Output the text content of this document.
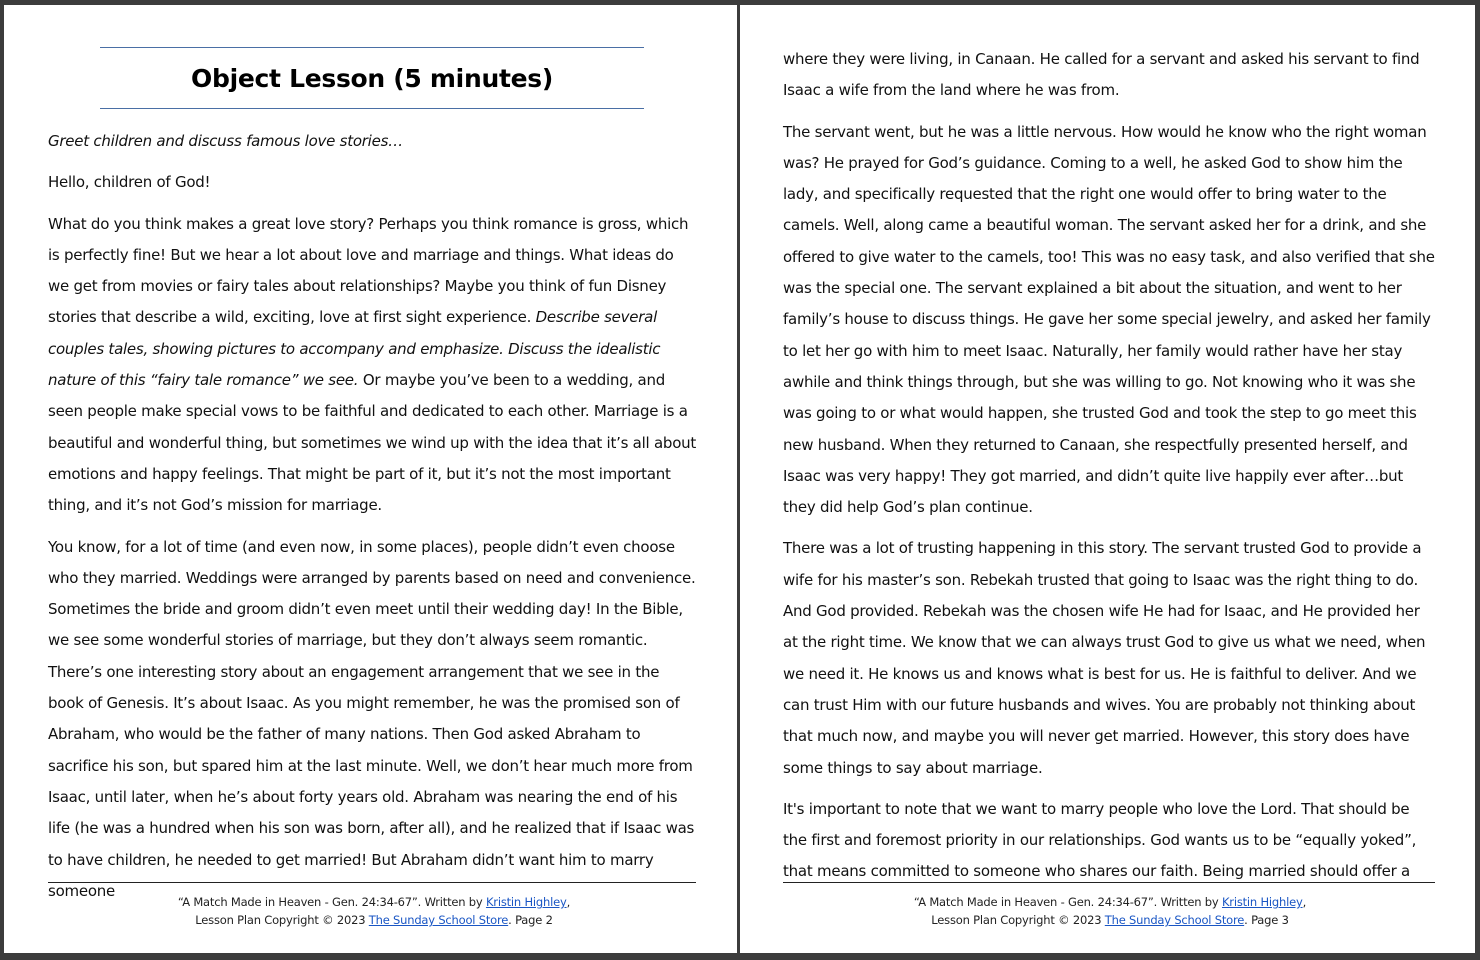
Object Lesson (5 minutes)

Greet children and discuss famous love stories…

Hello, children of God!

What do you think makes a great love story? Perhaps you think romance is gross, which is perfectly fine! But we hear a lot about love and marriage and things. What ideas do we get from movies or fairy tales about relationships? Maybe you think of fun Disney stories that describe a wild, exciting, love at first sight experience. Describe several couples tales, showing pictures to accompany and emphasize. Discuss the idealistic nature of this “fairy tale romance” we see. Or maybe you’ve been to a wedding, and seen people make special vows to be faithful and dedicated to each other. Marriage is a beautiful and wonderful thing, but sometimes we wind up with the idea that it’s all about emotions and happy feelings. That might be part of it, but it’s not the most important thing, and it’s not God’s mission for marriage.

You know, for a lot of time (and even now, in some places), people didn’t even choose who they married. Weddings were arranged by parents based on need and convenience. Sometimes the bride and groom didn’t even meet until their wedding day! In the Bible, we see some wonderful stories of marriage, but they don’t always seem romantic. There’s one interesting story about an engagement arrangement that we see in the book of Genesis. It’s about Isaac. As you might remember, he was the promised son of Abraham, who would be the father of many nations. Then God asked Abraham to sacrifice his son, but spared him at the last minute. Well, we don’t hear much more from Isaac, until later, when he’s about forty years old. Abraham was nearing the end of his life (he was a hundred when his son was born, after all), and he realized that if Isaac was to have children, he needed to get married! But Abraham didn’t want him to marry someone

“A Match Made in Heaven - Gen. 24:34-67”. Written by Kristin Highley,
Lesson Plan Copyright © 2023 The Sunday School Store. Page 2

where they were living, in Canaan. He called for a servant and asked his servant to find Isaac a wife from the land where he was from.

The servant went, but he was a little nervous. How would he know who the right woman was? He prayed for God’s guidance. Coming to a well, he asked God to show him the lady, and specifically requested that the right one would offer to bring water to the camels. Well, along came a beautiful woman. The servant asked her for a drink, and she offered to give water to the camels, too! This was no easy task, and also verified that she was the special one. The servant explained a bit about the situation, and went to her family’s house to discuss things. He gave her some special jewelry, and asked her family to let her go with him to meet Isaac. Naturally, her family would rather have her stay awhile and think things through, but she was willing to go. Not knowing who it was she was going to or what would happen, she trusted God and took the step to go meet this new husband. When they returned to Canaan, she respectfully presented herself, and Isaac was very happy! They got married, and didn’t quite live happily ever after…but they did help God’s plan continue.

There was a lot of trusting happening in this story. The servant trusted God to provide a wife for his master’s son. Rebekah trusted that going to Isaac was the right thing to do. And God provided. Rebekah was the chosen wife He had for Isaac, and He provided her at the right time. We know that we can always trust God to give us what we need, when we need it. He knows us and knows what is best for us. He is faithful to deliver. And we can trust Him with our future husbands and wives. You are probably not thinking about that much now, and maybe you will never get married. However, this story does have some things to say about marriage.

It's important to note that we want to marry people who love the Lord. That should be the first and foremost priority in our relationships. God wants us to be “equally yoked”, that means committed to someone who shares our faith. Being married should offer a

“A Match Made in Heaven - Gen. 24:34-67”. Written by Kristin Highley,
Lesson Plan Copyright © 2023 The Sunday School Store. Page 3
